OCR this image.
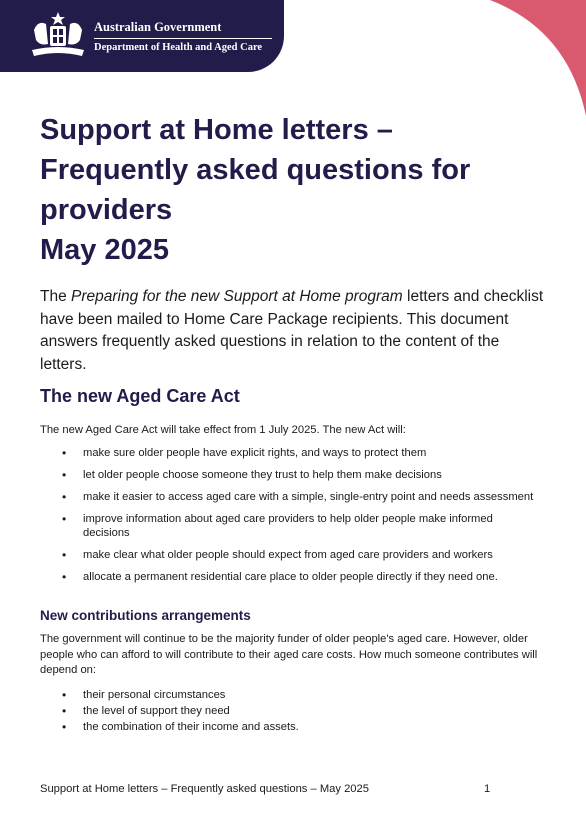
Australian Government
Department of Health and Aged Care
Support at Home letters –
Frequently asked questions for
providers
May 2025

The Preparing for the new Support at Home program letters and checklist have been mailed to Home Care Package recipients. This document answers frequently asked questions in relation to the content of the letters.

The new Aged Care Act

The new Aged Care Act will take effect from 1 July 2025. The new Act will:

• make sure older people have explicit rights, and ways to protect them
• let older people choose someone they trust to help them make decisions
• make it easier to access aged care with a simple, single-entry point and needs assessment
• improve information about aged care providers to help older people make informed decisions
• make clear what older people should expect from aged care providers and workers
• allocate a permanent residential care place to older people directly if they need one.
New contributions arrangements

The government will continue to be the majority funder of older people's aged care. However, older people who can afford to will contribute to their aged care costs. How much someone contributes will depend on:

• their personal circumstances
• the level of support they need
• the combination of their income and assets.
Support at Home letters – Frequently asked questions – May 2025	1
